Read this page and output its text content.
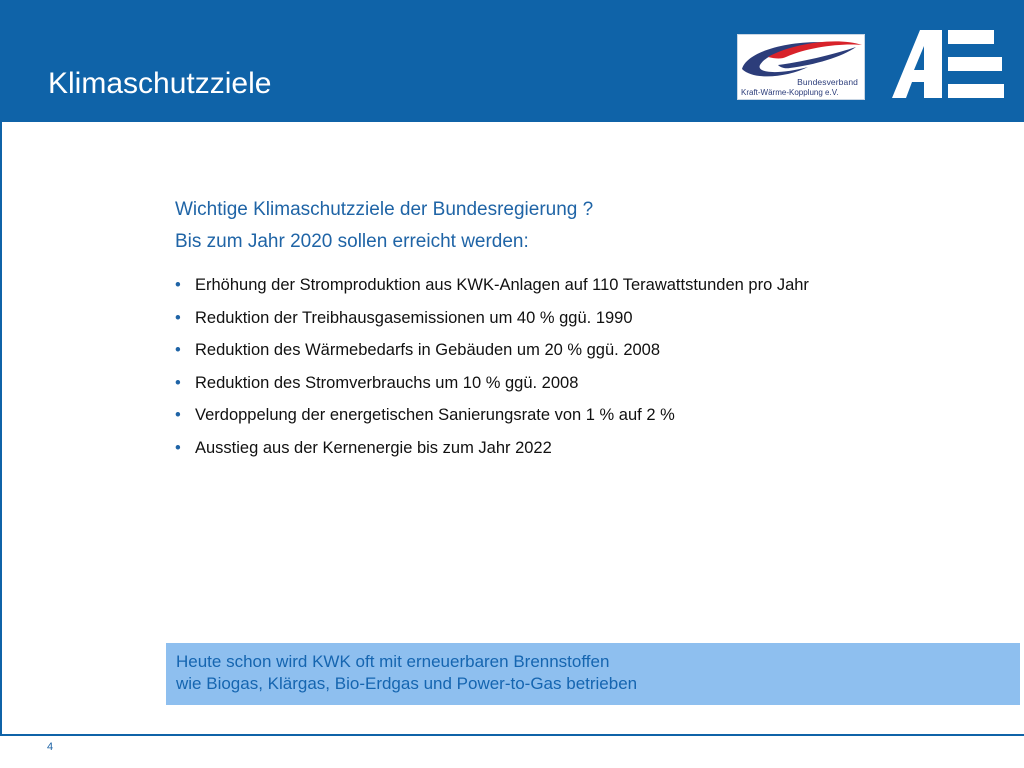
Klimaschutzziele	Bundesverband
Kraft-Wärme-Kopplung e.V.
Wichtige Klimaschutzziele der Bundesregierung ?
Bis zum Jahr 2020 sollen erreicht werden:
• Erhöhung der Stromproduktion aus KWK-Anlagen auf 110 Terawattstunden pro Jahr
• Reduktion der Treibhausgasemissionen um 40 % ggü. 1990
• Reduktion des Wärmebedarfs in Gebäuden um 20 % ggü. 2008
• Reduktion des Stromverbrauchs um 10 % ggü. 2008
• Verdoppelung der energetischen Sanierungsrate von 1 % auf 2 %
• Ausstieg aus der Kernenergie bis zum Jahr 2022
Heute schon wird KWK oft mit erneuerbaren Brennstoffen
wie Biogas, Klärgas, Bio-Erdgas und Power-to-Gas betrieben
4
